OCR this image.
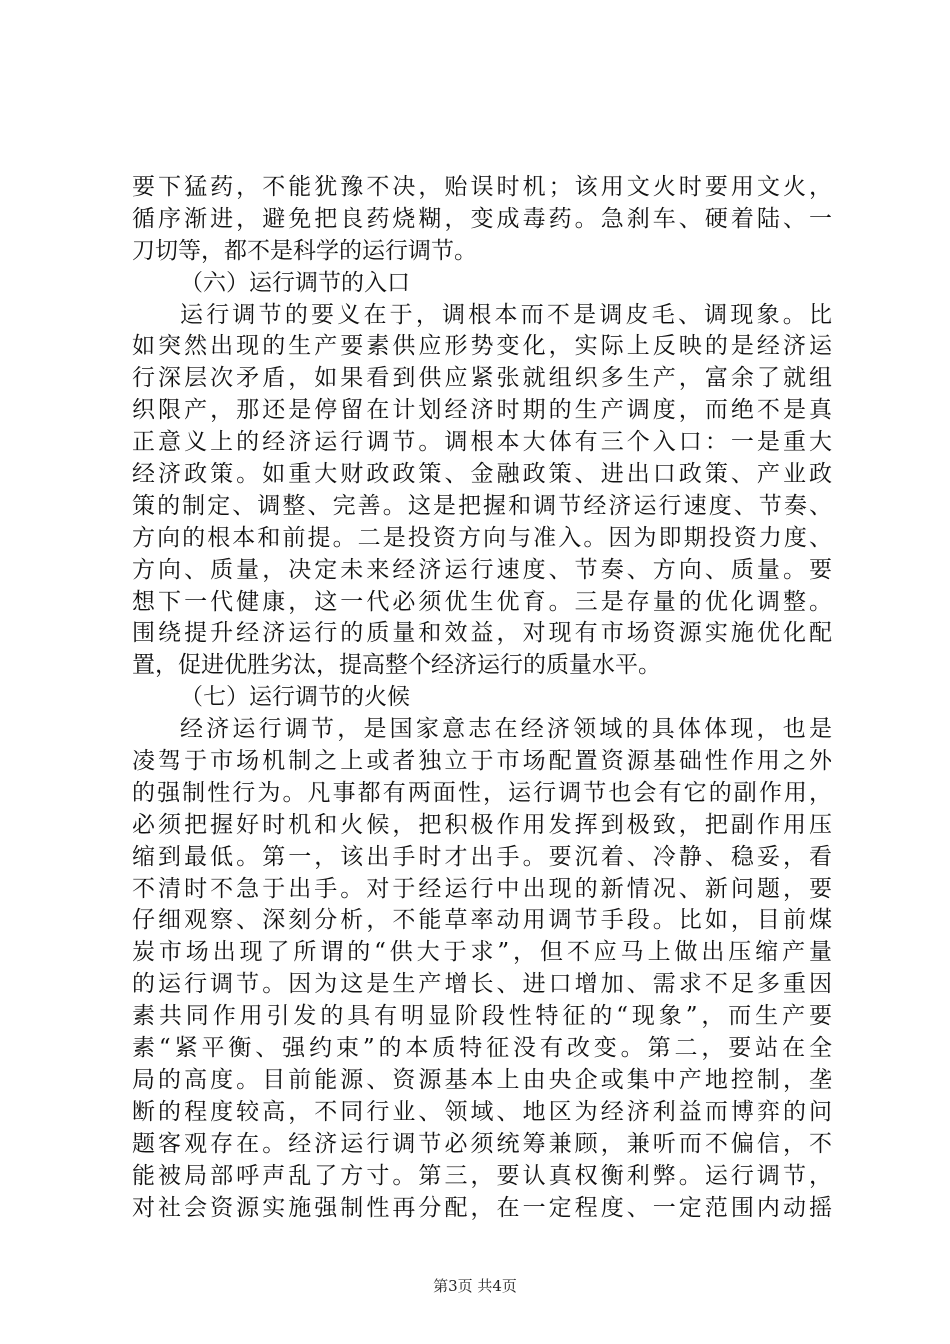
要下猛药，不能犹豫不决，贻误时机；该用文火时要用文火，
循序渐进，避免把良药烧糊，变成毒药。急刹车、硬着陆、一
刀切等，都不是科学的运行调节。
（六）运行调节的入口
运行调节的要义在于，调根本而不是调皮毛、调现象。比
如突然出现的生产要素供应形势变化，实际上反映的是经济运
行深层次矛盾，如果看到供应紧张就组织多生产，富余了就组
织限产，那还是停留在计划经济时期的生产调度，而绝不是真
正意义上的经济运行调节。调根本大体有三个入口：一是重大
经济政策。如重大财政政策、金融政策、进出口政策、产业政
策的制定、调整、完善。这是把握和调节经济运行速度、节奏、
方向的根本和前提。二是投资方向与准入。因为即期投资力度、
方向、质量，决定未来经济运行速度、节奏、方向、质量。要
想下一代健康，这一代必须优生优育。三是存量的优化调整。
围绕提升经济运行的质量和效益，对现有市场资源实施优化配
置，促进优胜劣汰，提高整个经济运行的质量水平。
（七）运行调节的火候
经济运行调节，是国家意志在经济领域的具体体现，也是
凌驾于市场机制之上或者独立于市场配置资源基础性作用之外
的强制性行为。凡事都有两面性，运行调节也会有它的副作用，
必须把握好时机和火候，把积极作用发挥到极致，把副作用压
缩到最低。第一，该出手时才出手。要沉着、冷静、稳妥，看
不清时不急于出手。对于经运行中出现的新情况、新问题，要
仔细观察、深刻分析，不能草率动用调节手段。比如，目前煤
炭市场出现了所谓的“供大于求”，但不应马上做出压缩产量
的运行调节。因为这是生产增长、进口增加、需求不足多重因
素共同作用引发的具有明显阶段性特征的“现象”，而生产要
素“紧平衡、强约束”的本质特征没有改变。第二，要站在全
局的高度。目前能源、资源基本上由央企或集中产地控制，垄
断的程度较高，不同行业、领域、地区为经济利益而博弈的问
题客观存在。经济运行调节必须统筹兼顾，兼听而不偏信，不
能被局部呼声乱了方寸。第三，要认真权衡利弊。运行调节，
对社会资源实施强制性再分配，在一定程度、一定范围内动摇
第3页 共4页
